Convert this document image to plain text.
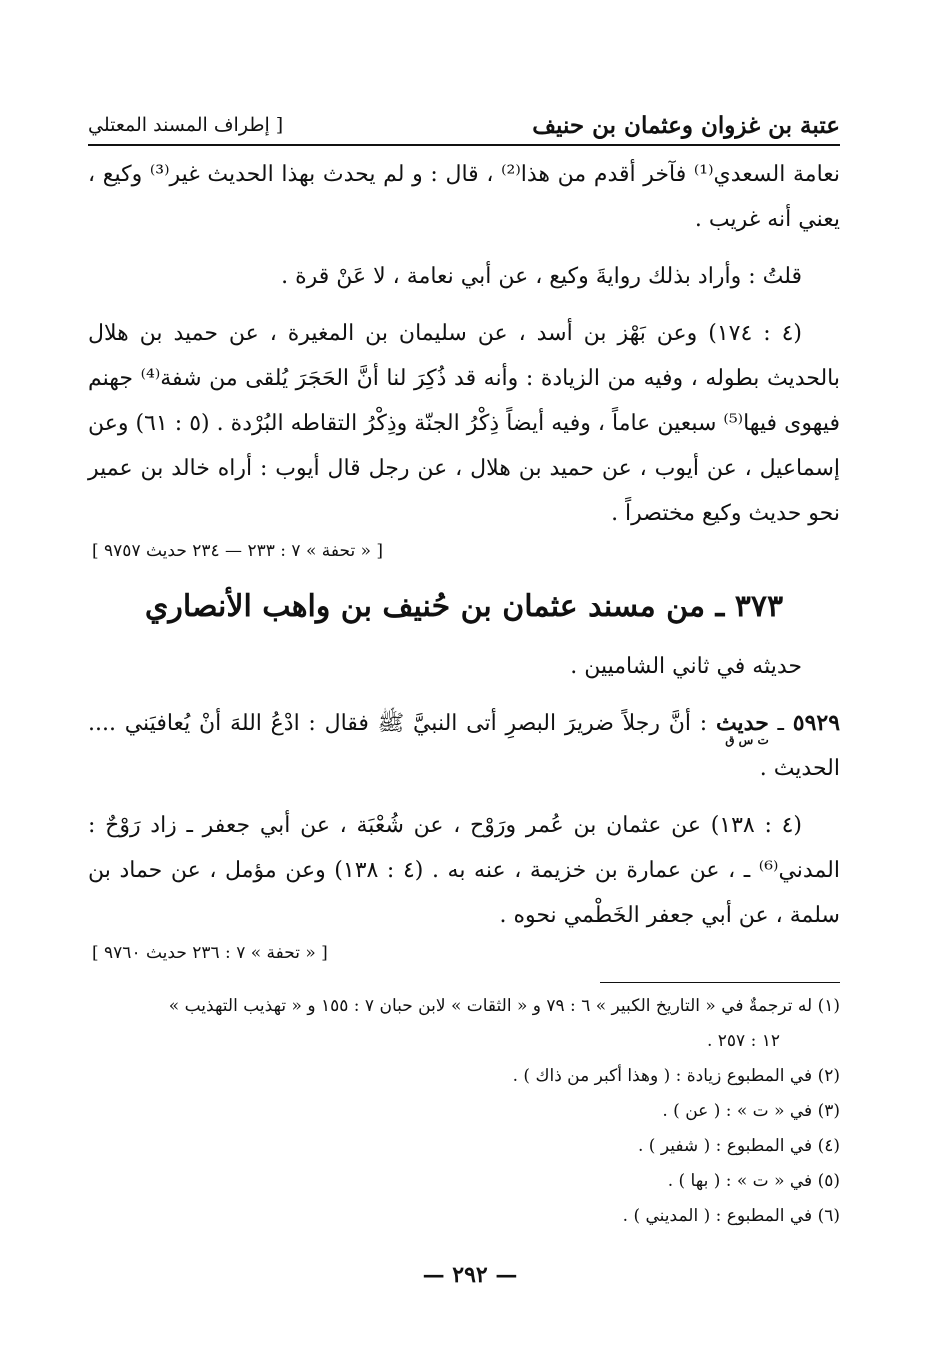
عتبة بن غزوان وعثمان بن حنيف
[ إطراف المسند المعتلي

نعامة السعدي⁽¹⁾ فآخر أقدم من هذا⁽²⁾ ، قال : و لم يحدث بهذا الحديث غير⁽³⁾ وكيع ، يعني أنه غريب .

قلتُ : وأراد بذلك روايةَ وكيع ، عن أبي نعامة ، لا عَنْ قرة .

(٤ : ١٧٤) وعن بَهْز بن أسد ، عن سليمان بن المغيرة ، عن حميد بن هلال بالحديث بطوله ، وفيه من الزيادة : وأنه قد ذُكِرَ لنا أنَّ الحَجَرَ يُلقى من شفة⁽⁴⁾ جهنم فيهوى فيها⁽⁵⁾ سبعين عاماً ، وفيه أيضاً ذِكْرُ الجنّة وذِكْرُ التقاطه البُرْدة . (٥ : ٦١) وعن إسماعيل ، عن أيوب ، عن حميد بن هلال ، عن رجل قال أيوب : أراه خالد بن عمير نحو حديث وكيع مختصراً .

[ « تحفة » ٧ : ٢٣٣ — ٢٣٤ حديث ٩٧٥٧ ]

٣٧٣ ـ من مسند عثمان بن حُنيف بن واهب الأنصاري

حديثه في ثاني الشاميين .

٥٩٢٩ ـ حديث
ت س ق
: أنَّ رجلاً ضريرَ البصرِ أتى النبيَّ ﷺ فقال : ادْعُ اللهَ أنْ يُعافيَني .... الحديث .

(٤ : ١٣٨) عن عثمان بن عُمر ورَوْح ، عن شُعْبَة ، عن أبي جعفر ـ زاد رَوْحٌ : المدني⁽⁶⁾ ـ ، عن عمارة بن خزيمة ، عنه به . (٤ : ١٣٨) وعن مؤمل ، عن حماد بن سلمة ، عن أبي جعفر الخَطْمي نحوه .

[ « تحفة » ٧ : ٢٣٦ حديث ٩٧٦٠ ]

(١) له ترجمةٌ في « التاريخ الكبير » ٦ : ٧٩ و « الثقات » لابن حبان ٧ : ١٥٥ و « تهذيب التهذيب »

١٢ : ٢٥٧ .

(٢) في المطبوع زيادة : ( وهذا أكبر من ذاك ) .

(٣) في « ت » : ( عن ) .

(٤) في المطبوع : ( شفير ) .

(٥) في « ت » : ( بها ) .

(٦) في المطبوع : ( المديني ) .

— ٢٩٢ —
